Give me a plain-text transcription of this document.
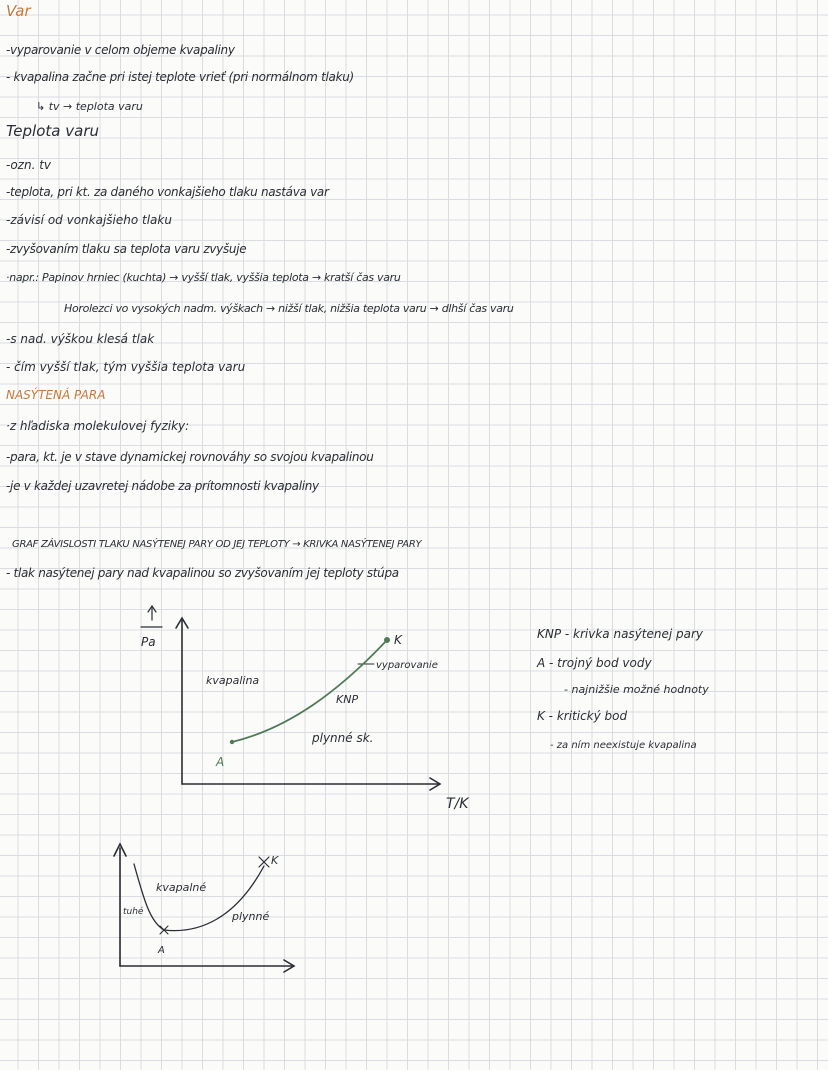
Var
-vyparovanie v celom objeme kvapaliny
- kvapalina začne pri istej teplote vrieť (pri normálnom tlaku)
↳ tv → teplota varu
Teplota varu
-ozn. tv
-teplota, pri kt. za daného vonkajšieho tlaku nastáva var
-závisí od vonkajšieho tlaku
-zvyšovaním tlaku sa teplota varu zvyšuje
·napr.: Papinov hrniec (kuchta) → vyšší tlak, vyššia teplota → kratší čas varu
Horolezci vo vysokých nadm. výškach → nižší tlak, nižšia teplota varu → dlhší čas varu
-s nad. výškou klesá tlak
- čím vyšší tlak, tým vyššia teplota varu
NASÝTENÁ PARA
·z hľadiska molekulovej fyziky:
-para, kt. je v stave dynamickej rovnováhy so svojou kvapalinou
-je v každej uzavretej nádobe za prítomnosti kvapaliny
GRAF ZÁVISLOSTI TLAKU NASÝTENEJ PARY OD JEJ TEPLOTY → KRIVKA NASÝTENEJ PARY
- tlak nasýtenej pary nad kvapalinou so zvyšovaním jej teploty stúpa
Pa
T/K
kvapalina
plynné sk.
KNP
A
K
vyparovanie
KNP - krivka nasýtenej pary
A - trojný bod vody
- najnižšie možné hodnoty
K - kritický bod
- za ním neexistuje kvapalina
tuhé
kvapalné
plynné
A
K
